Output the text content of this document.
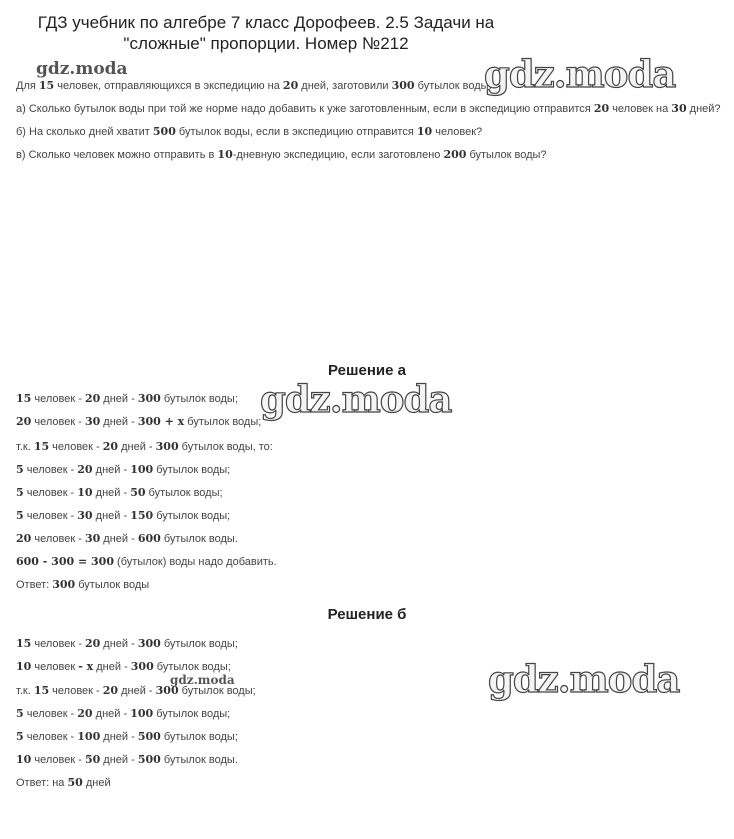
ГДЗ учебник по алгебре 7 класс Дорофеев. 2.5 Задачи на
"сложные" пропорции. Номер №212

Для 15 человек, отправляющихся в экспедицию на 20 дней, заготовили 300 бутылок воды.

а) Сколько бутылок воды при той же норме надо добавить к уже заготовленным, если в экспедицию отправится 20 человек на 30 дней?

б) На сколько дней хватит 500 бутылок воды, если в экспедицию отправится 10 человек?

в) Сколько человек можно отправить в 10-дневную экспедицию, если заготовлено 200 бутылок воды?

Решение а

15 человек - 20 дней - 300 бутылок воды;

20 человек - 30 дней - 300 + x бутылок воды;

т.к. 15 человек - 20 дней - 300 бутылок воды, то:

5 человек - 20 дней - 100 бутылок воды;

5 человек - 10 дней - 50 бутылок воды;

5 человек - 30 дней - 150 бутылок воды;

20 человек - 30 дней - 600 бутылок воды.

600 - 300 = 300 (бутылок) воды надо добавить.

Ответ: 300 бутылок воды

Решение б

15 человек - 20 дней - 300 бутылок воды;

10 человек - x дней - 300 бутылок воды;

т.к. 15 человек - 20 дней - 300 бутылок воды;

5 человек - 20 дней - 100 бутылок воды;

5 человек - 100 дней - 500 бутылок воды;

10 человек - 50 дней - 500 бутылок воды.

Ответ: на 50 дней

gdz.moda	gdz.moda
gdz.moda
gdz.moda	gdz.moda
